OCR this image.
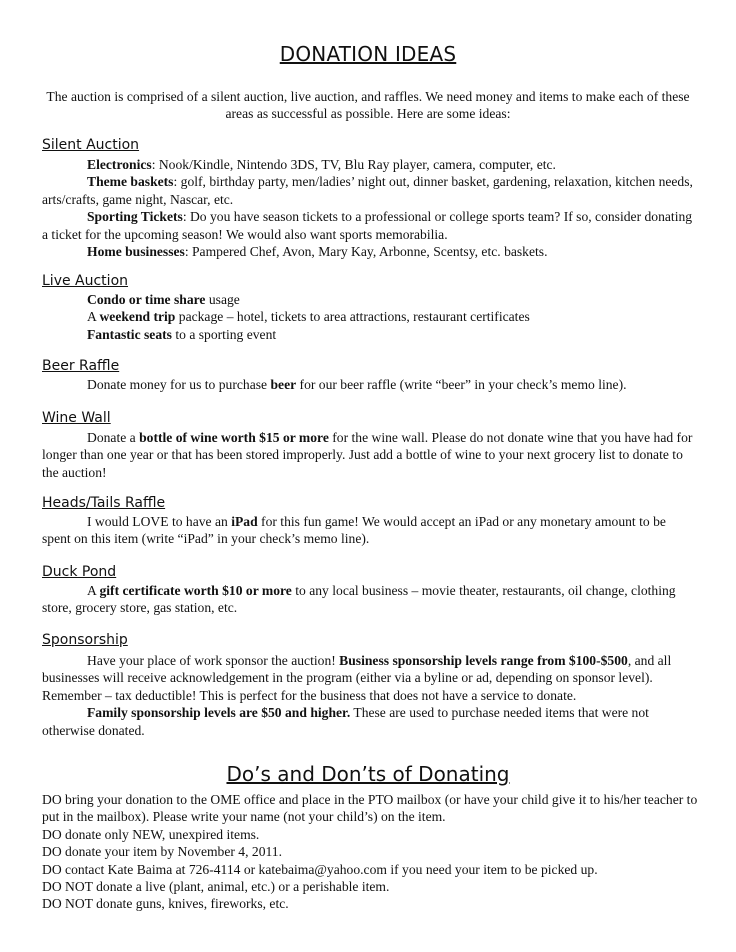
DONATION IDEAS
The auction is comprised of a silent auction, live auction, and raffles. We need money and items to make each of these areas as successful as possible. Here are some ideas:
Silent Auction

Electronics: Nook/Kindle, Nintendo 3DS, TV, Blu Ray player, camera, computer, etc.

Theme baskets: golf, birthday party, men/ladies’ night out, dinner basket, gardening, relaxation, kitchen needs, arts/crafts, game night, Nascar, etc.

Sporting Tickets: Do you have season tickets to a professional or college sports team? If so, consider donating a ticket for the upcoming season! We would also want sports memorabilia.

Home businesses: Pampered Chef, Avon, Mary Kay, Arbonne, Scentsy, etc. baskets.

Live Auction

Condo or time share usage

A weekend trip package – hotel, tickets to area attractions, restaurant certificates

Fantastic seats to a sporting event

Beer Raffle

Donate money for us to purchase beer for our beer raffle (write “beer” in your check’s memo line).

Wine Wall

Donate a bottle of wine worth $15 or more for the wine wall. Please do not donate wine that you have had for longer than one year or that has been stored improperly. Just add a bottle of wine to your next grocery list to donate to the auction!

Heads/Tails Raffle

I would LOVE to have an iPad for this fun game! We would accept an iPad or any monetary amount to be spent on this item (write “iPad” in your check’s memo line).

Duck Pond

A gift certificate worth $10 or more to any local business – movie theater, restaurants, oil change, clothing store, grocery store, gas station, etc.

Sponsorship

Have your place of work sponsor the auction! Business sponsorship levels range from $100-$500, and all businesses will receive acknowledgement in the program (either via a byline or ad, depending on sponsor level). Remember – tax deductible! This is perfect for the business that does not have a service to donate.

Family sponsorship levels are $50 and higher. These are used to purchase needed items that were not otherwise donated.

Do’s and Don’ts of Donating

DO bring your donation to the OME office and place in the PTO mailbox (or have your child give it to his/her teacher to put in the mailbox). Please write your name (not your child’s) on the item.

DO donate only NEW, unexpired items.

DO donate your item by November 4, 2011.

DO contact Kate Baima at 726-4114 or katebaima@yahoo.com if you need your item to be picked up.

DO NOT donate a live (plant, animal, etc.) or a perishable item.

DO NOT donate guns, knives, fireworks, etc.
